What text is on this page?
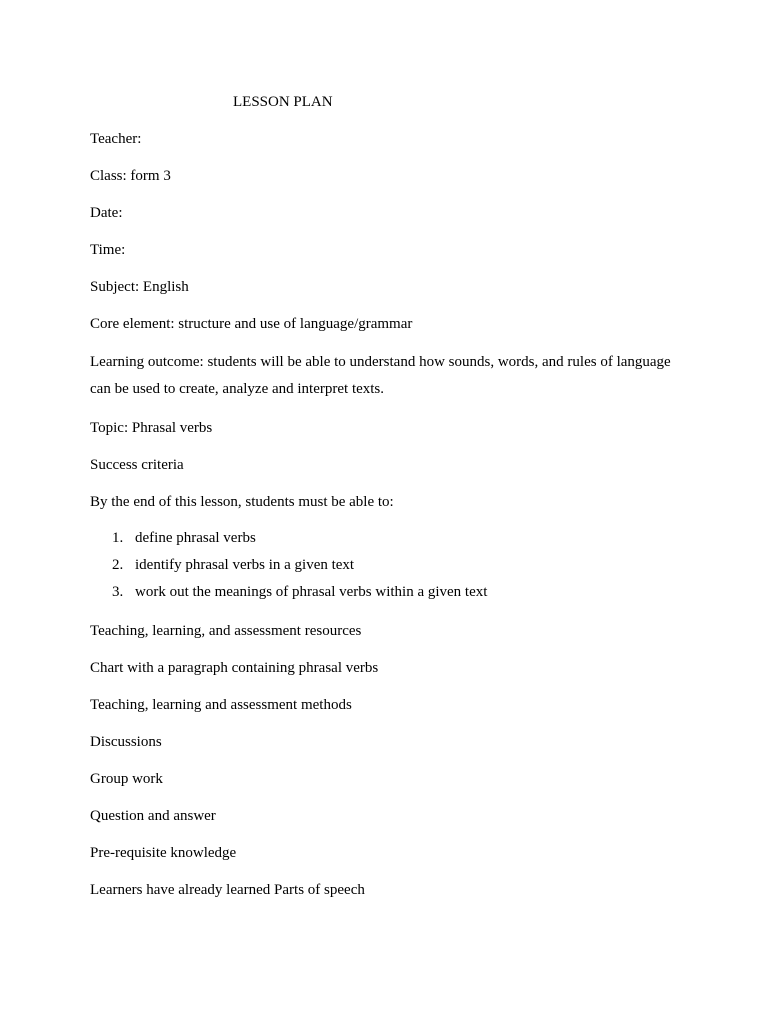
LESSON PLAN
Teacher:
Class: form 3
Date:
Time:
Subject: English
Core element: structure and use of language/grammar
Learning outcome: students will be able to understand how sounds, words, and rules of language can be used to create, analyze and interpret texts.
Topic: Phrasal verbs
Success criteria
By the end of this lesson, students must be able to:
1. define phrasal verbs
2. identify phrasal verbs in a given text
3. work out the meanings of phrasal verbs within a given text
Teaching, learning, and assessment resources
Chart with a paragraph containing phrasal verbs
Teaching, learning and assessment methods
Discussions
Group work
Question and answer
Pre-requisite knowledge
Learners have already learned Parts of speech
